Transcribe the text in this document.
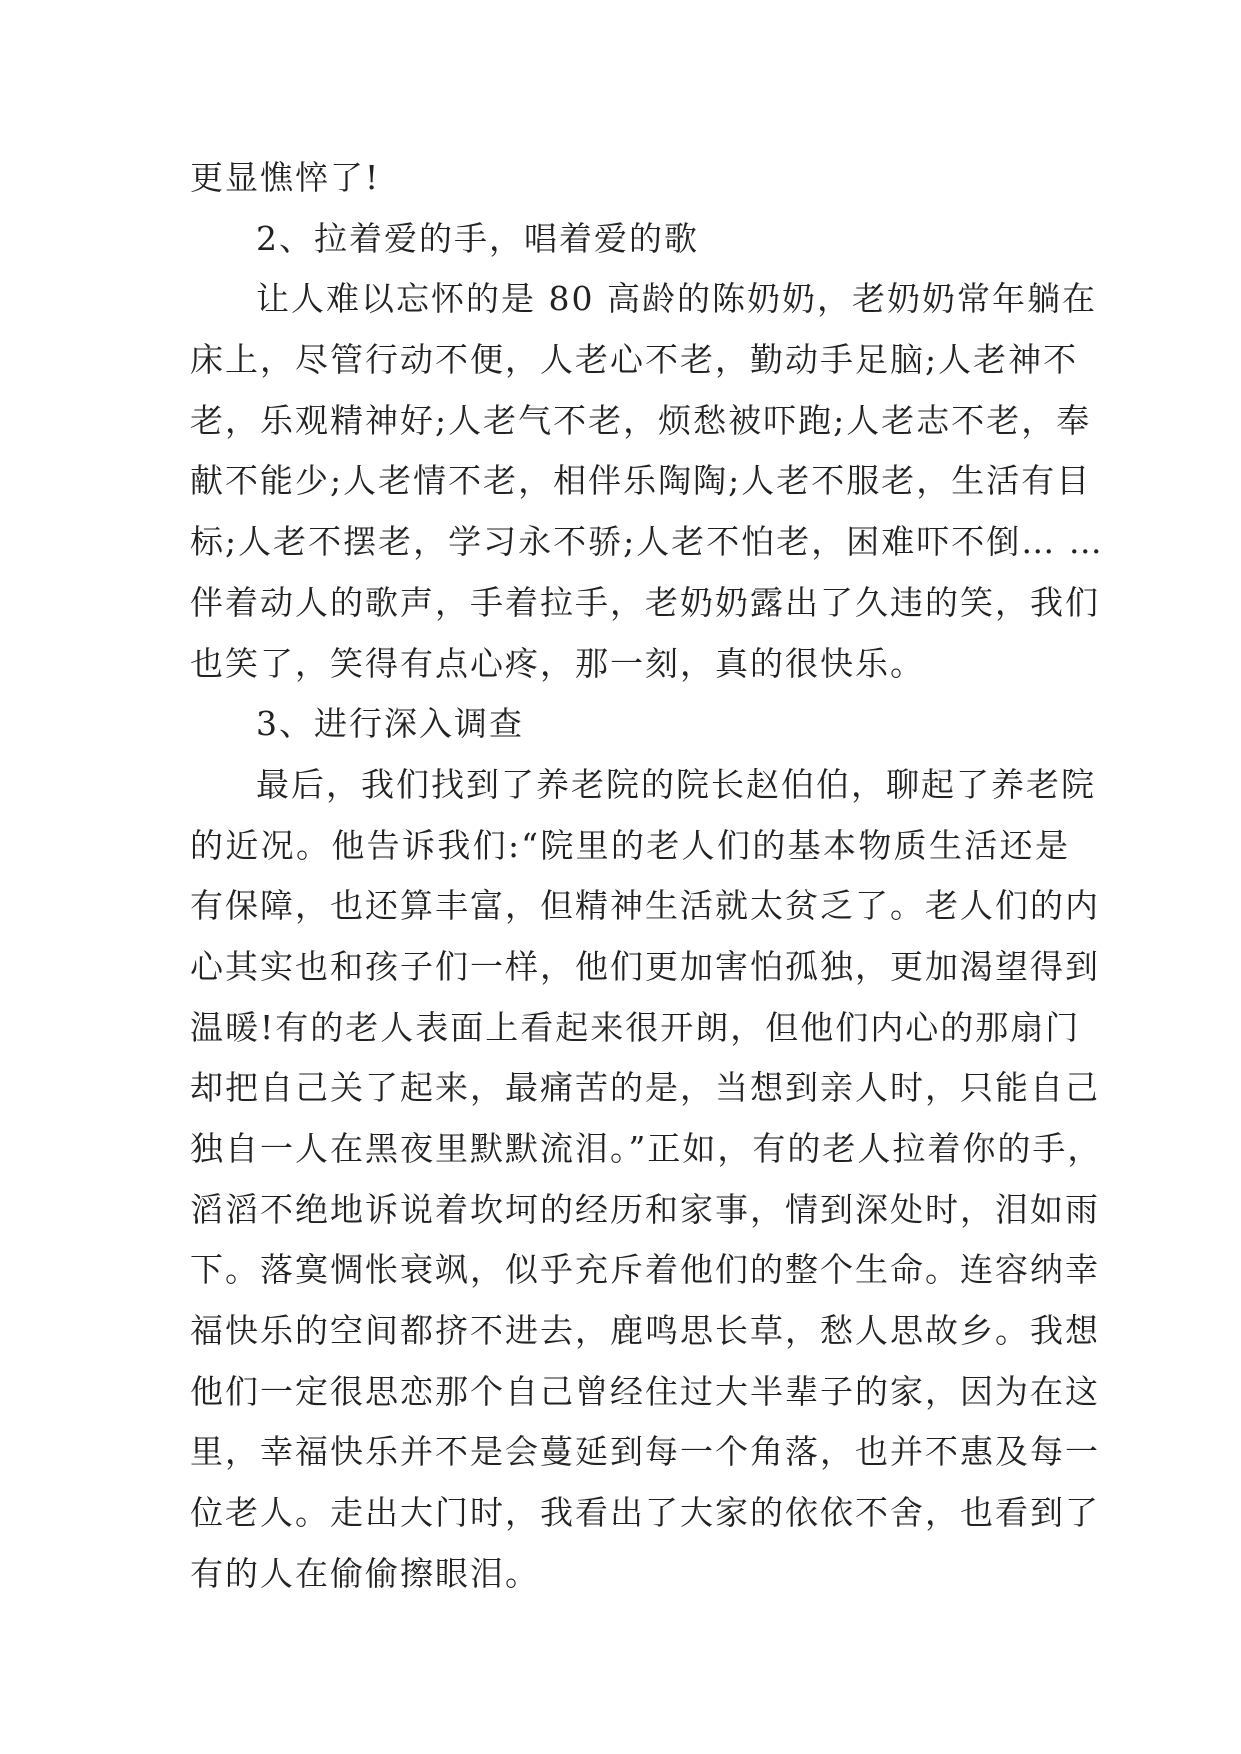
更显憔悴了!
2、拉着爱的手，唱着爱的歌
让人难以忘怀的是 80 高龄的陈奶奶，老奶奶常年躺在
床上，尽管行动不便，人老心不老，勤动手足脑;人老神不
老，乐观精神好;人老气不老，烦愁被吓跑;人老志不老，奉
献不能少;人老情不老，相伴乐陶陶;人老不服老，生活有目
标;人老不摆老，学习永不骄;人老不怕老，困难吓不倒… …
伴着动人的歌声，手着拉手，老奶奶露出了久违的笑，我们
也笑了，笑得有点心疼，那一刻，真的很快乐。
3、进行深入调查
最后，我们找到了养老院的院长赵伯伯，聊起了养老院
的近况。他告诉我们:“院里的老人们的基本物质生活还是
有保障，也还算丰富，但精神生活就太贫乏了。老人们的内
心其实也和孩子们一样，他们更加害怕孤独，更加渴望得到
温暖!有的老人表面上看起来很开朗，但他们内心的那扇门
却把自己关了起来，最痛苦的是，当想到亲人时，只能自己
独自一人在黑夜里默默流泪。”正如，有的老人拉着你的手，
滔滔不绝地诉说着坎坷的经历和家事，情到深处时，泪如雨
下。落寞惆怅衰飒，似乎充斥着他们的整个生命。连容纳幸
福快乐的空间都挤不进去，鹿鸣思长草，愁人思故乡。我想
他们一定很思恋那个自己曾经住过大半辈子的家，因为在这
里，幸福快乐并不是会蔓延到每一个角落，也并不惠及每一
位老人。走出大门时，我看出了大家的依依不舍，也看到了
有的人在偷偷擦眼泪。
